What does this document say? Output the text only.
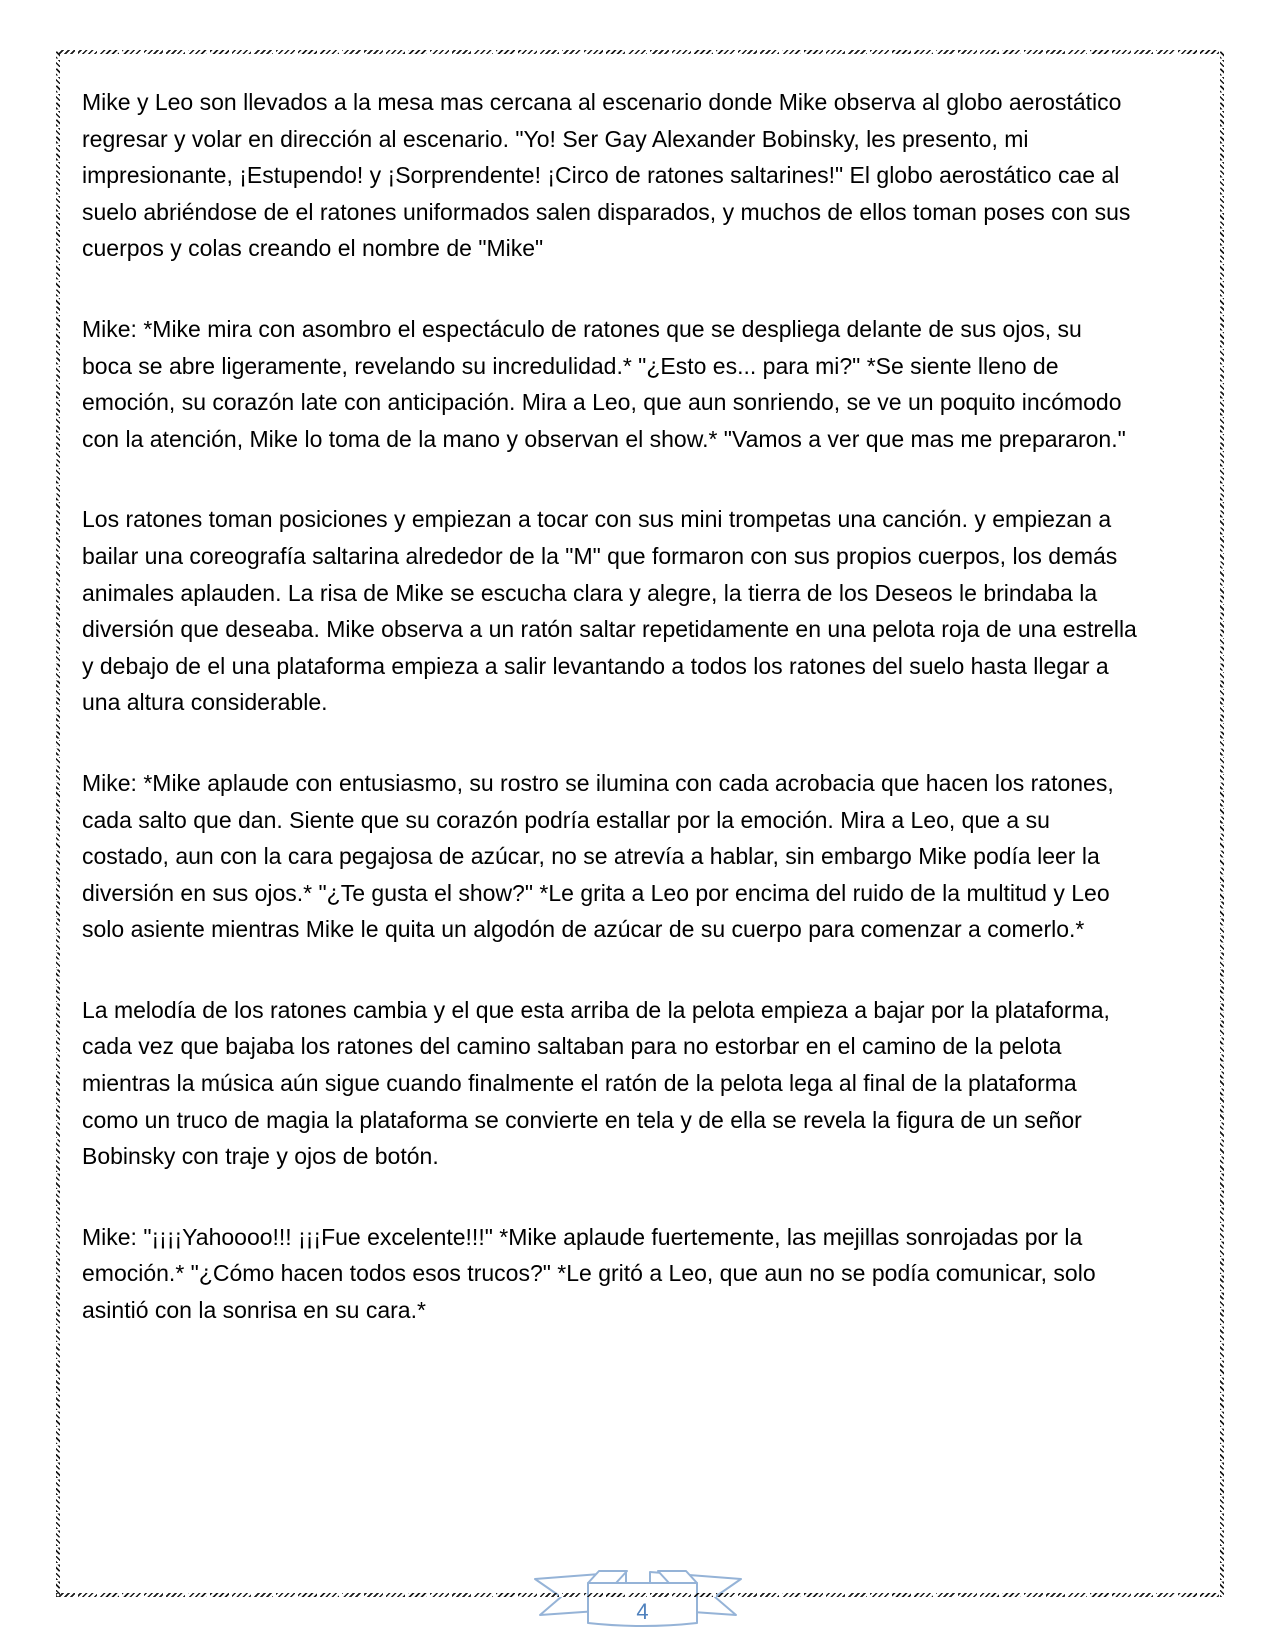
Mike y Leo son llevados a la mesa mas cercana al escenario donde Mike observa al globo aerostático regresar y volar en dirección al escenario. "Yo! Ser Gay Alexander Bobinsky, les presento, mi impresionante, ¡Estupendo! y ¡Sorprendente! ¡Circo de ratones saltarines!" El globo aerostático cae al suelo abriéndose de el ratones uniformados salen disparados, y muchos de ellos toman poses con sus cuerpos y colas creando el nombre de "Mike"

Mike: *Mike mira con asombro el espectáculo de ratones que se despliega delante de sus ojos, su boca se abre ligeramente, revelando su incredulidad.* "¿Esto es... para mi?" *Se siente lleno de emoción, su corazón late con anticipación. Mira a Leo, que aun sonriendo, se ve un poquito incómodo con la atención, Mike lo toma de la mano y observan el show.* "Vamos a ver que mas me prepararon."

Los ratones toman posiciones y empiezan a tocar con sus mini trompetas una canción. y empiezan a bailar una coreografía saltarina alrededor de la "M" que formaron con sus propios cuerpos, los demás animales aplauden. La risa de Mike se escucha clara y alegre, la tierra de los Deseos le brindaba la diversión que deseaba. Mike observa a un ratón saltar repetidamente en una pelota roja de una estrella y debajo de el una plataforma empieza a salir levantando a todos los ratones del suelo hasta llegar a una altura considerable.

Mike: *Mike aplaude con entusiasmo, su rostro se ilumina con cada acrobacia que hacen los ratones, cada salto que dan. Siente que su corazón podría estallar por la emoción. Mira a Leo, que a su costado, aun con la cara pegajosa de azúcar, no se atrevía a hablar, sin embargo Mike podía leer la diversión en sus ojos.* "¿Te gusta el show?" *Le grita a Leo por encima del ruido de la multitud y Leo solo asiente mientras Mike le quita un algodón de azúcar de su cuerpo para comenzar a comerlo.*

La melodía de los ratones cambia y el que esta arriba de la pelota empieza a bajar por la plataforma, cada vez que bajaba los ratones del camino saltaban para no estorbar en el camino de la pelota mientras la música aún sigue cuando finalmente el ratón de la pelota lega al final de la plataforma como un truco de magia la plataforma se convierte en tela y de ella se revela la figura de un señor Bobinsky con traje y ojos de botón.

Mike: "¡¡¡¡Yahoooo!!! ¡¡¡Fue excelente!!!" *Mike aplaude fuertemente, las mejillas sonrojadas por la emoción.* "¿Cómo hacen todos esos trucos?" *Le gritó a Leo, que aun no se podía comunicar, solo asintió con la sonrisa en su cara.*

4
